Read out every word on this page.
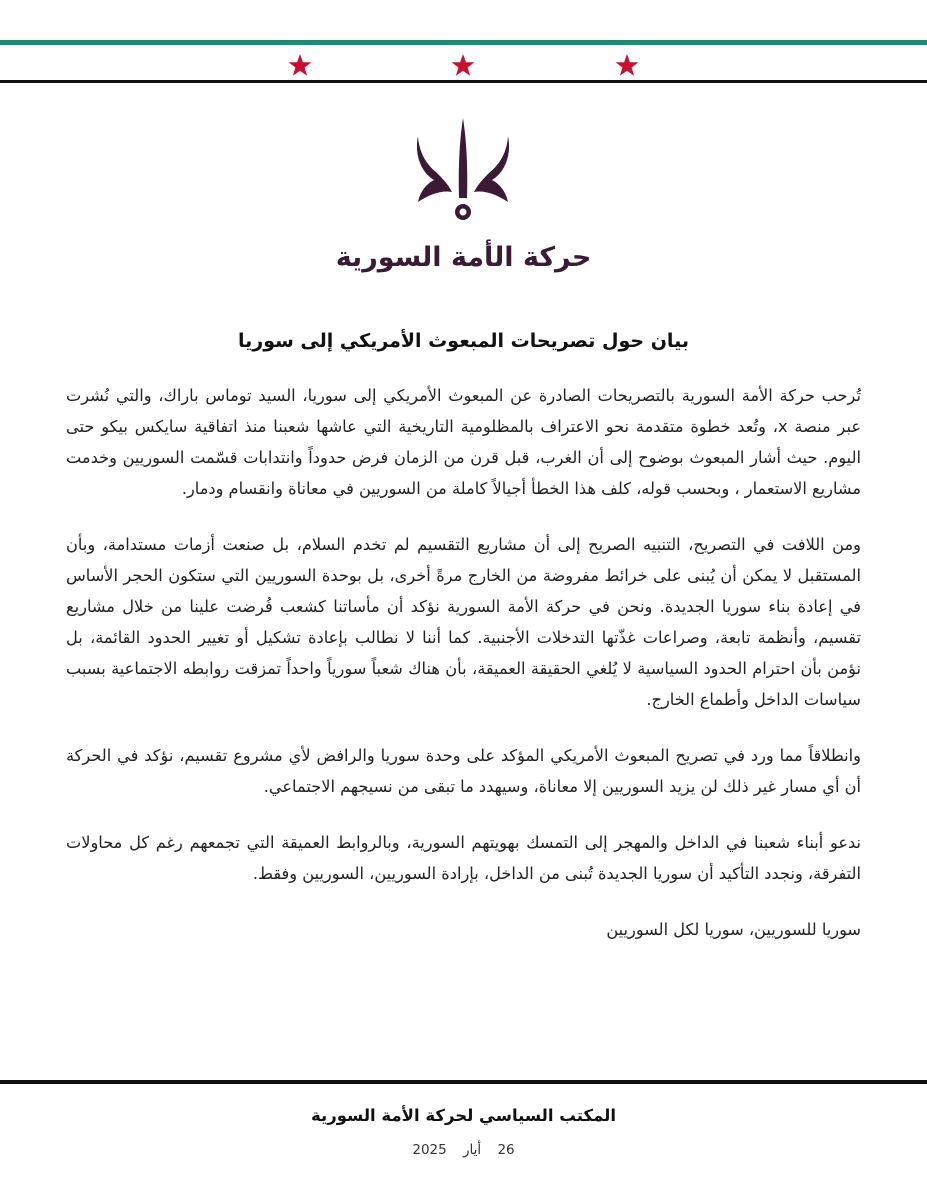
حركة الأمة السورية
بيان حول تصريحات المبعوث الأمريكي إلى سوريا

تُرحب حركة الأمة السورية بالتصريحات الصادرة عن المبعوث الأمريكي إلى سوريا، السيد توماس باراك، والتي نُشرت عبر منصة x، وتُعد خطوة متقدمة نحو الاعتراف بالمظلومية التاريخية التي عاشها شعبنا منذ اتفاقية سايكس بيكو حتى اليوم. حيث أشار المبعوث بوضوح إلى أن الغرب، قبل قرن من الزمان فرض حدوداً وانتدابات قسّمت السوريين وخدمت مشاريع الاستعمار ، وبحسب قوله، كلف هذا الخطأ أجيالاً كاملة من السوريين في معاناة وانقسام ودمار.

ومن اللافت في التصريح، التنبيه الصريح إلى أن مشاريع التقسيم لم تخدم السلام، بل صنعت أزمات مستدامة، وبأن المستقبل لا يمكن أن يُبنى على خرائط مفروضة من الخارج مرةً أخرى، بل بوحدة السوريين التي ستكون الحجر الأساس في إعادة بناء سوريا الجديدة. ونحن في حركة الأمة السورية نؤكد أن مأساتنا كشعب فُرضت علينا من خلال مشاريع تقسيم، وأنظمة تابعة، وصراعات غذّتها التدخلات الأجنبية. كما أننا لا نطالب بإعادة تشكيل أو تغيير الحدود القائمة، بل نؤمن بأن احترام الحدود السياسية لا يُلغي الحقيقة العميقة، بأن هناك شعباً سورياً واحداً تمزقت روابطه الاجتماعية بسبب سياسات الداخل وأطماع الخارج.

وانطلاقاً مما ورد في تصريح المبعوث الأمريكي المؤكد على وحدة سوريا والرافض لأي مشروع تقسيم، نؤكد في الحركة أن أي مسار غير ذلك لن يزيد السوريين إلا معاناة، وسيهدد ما تبقى من نسيجهم الاجتماعي.

ندعو أبناء شعبنا في الداخل والمهجر إلى التمسك بهويتهم السورية، وبالروابط العميقة التي تجمعهم رغم كل محاولات التفرقة، ونجدد التأكيد أن سوريا الجديدة تُبنى من الداخل، بإرادة السوريين، السوريين وفقط.

سوريا للسوريين، سوريا لكل السوريين

المكتب السياسي لحركة الأمة السورية

26 أيار 2025
